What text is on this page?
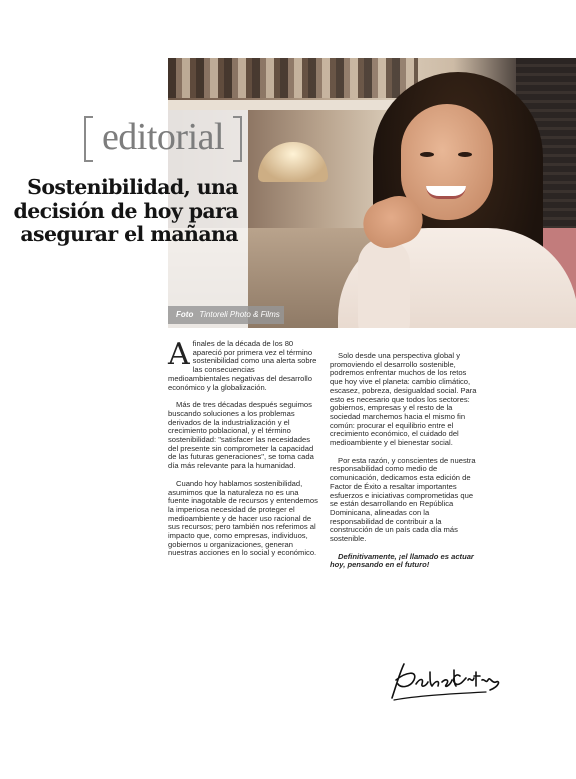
editorial
Sostenibilidad, una decisión de hoy para asegurar el mañana
Foto Tintoreli Photo & Films

Afinales de la década de los 80 apareció por primera vez el término sostenibilidad como una alerta sobre las consecuencias medioambientales negativas del desarrollo económico y la globalización.

Más de tres décadas después seguimos buscando soluciones a los problemas derivados de la industrialización y el crecimiento poblacional, y el término sostenibilidad: "satisfacer las necesidades del presente sin comprometer la capacidad de las futuras generaciones", se toma cada día más relevante para la humanidad.

Cuando hoy hablamos sostenibilidad, asumimos que la naturaleza no es una fuente inagotable de recursos y entendemos la imperiosa necesidad de proteger el medioambiente y de hacer uso racional de sus recursos; pero también nos referimos al impacto que, como empresas, individuos, gobiernos u organizaciones, generan nuestras acciones en lo social y económico.

Solo desde una perspectiva global y promoviendo el desarrollo sostenible, podremos enfrentar muchos de los retos que hoy vive el planeta: cambio climático, escasez, pobreza, desigualdad social. Para esto es necesario que todos los sectores: gobiernos, empresas y el resto de la sociedad marchemos hacia el mismo fin común: procurar el equilibrio entre el crecimiento económico, el cuidado del medioambiente y el bienestar social.

Por esta razón, y conscientes de nuestra responsabilidad como medio de comunicación, dedicamos esta edición de Factor de Éxito a resaltar importantes esfuerzos e iniciativas comprometidas que se están desarrollando en República Dominicana, alineadas con la responsabilidad de contribuir a la construcción de un país cada día más sostenible.

Definitivamente, ¡el llamado es actuar hoy, pensando en el futuro!
